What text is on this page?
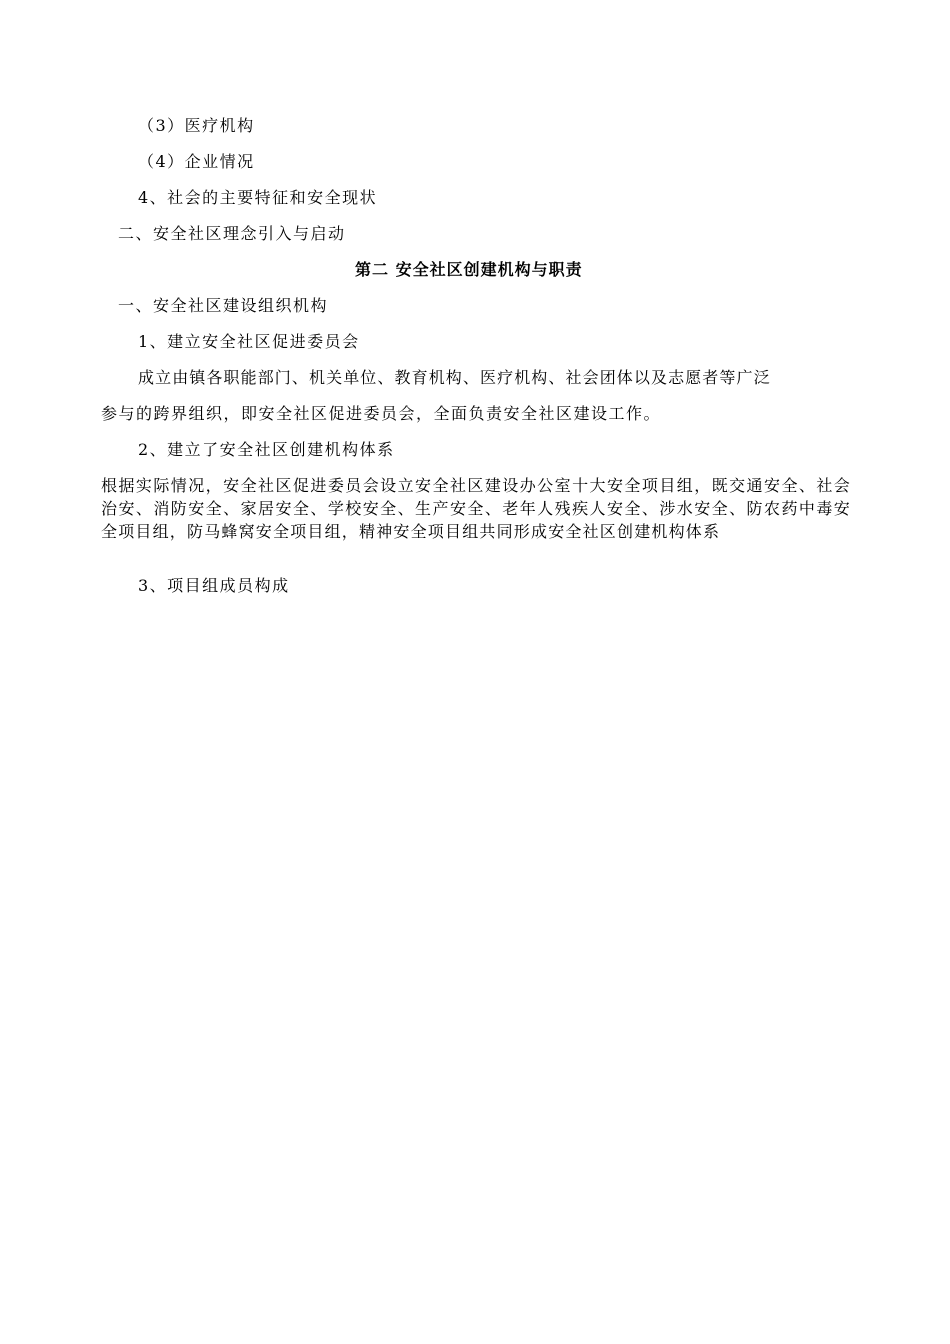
（3）医疗机构
（4）企业情况
4、社会的主要特征和安全现状
二、安全社区理念引入与启动
第二 安全社区创建机构与职责
一、安全社区建设组织机构
1、建立安全社区促进委员会
成立由镇各职能部门、机关单位、教育机构、医疗机构、社会团体以及志愿者等广泛
参与的跨界组织，即安全社区促进委员会，全面负责安全社区建设工作。
2、建立了安全社区创建机构体系
根据实际情况，安全社区促进委员会设立安全社区建设办公室十大安全项目组，既交通安全、社会治安、消防安全、家居安全、学校安全、生产安全、老年人残疾人安全、涉水安全、防农药中毒安全项目组，防马蜂窝安全项目组，精神安全项目组共同形成安全社区创建机构体系
3、项目组成员构成
